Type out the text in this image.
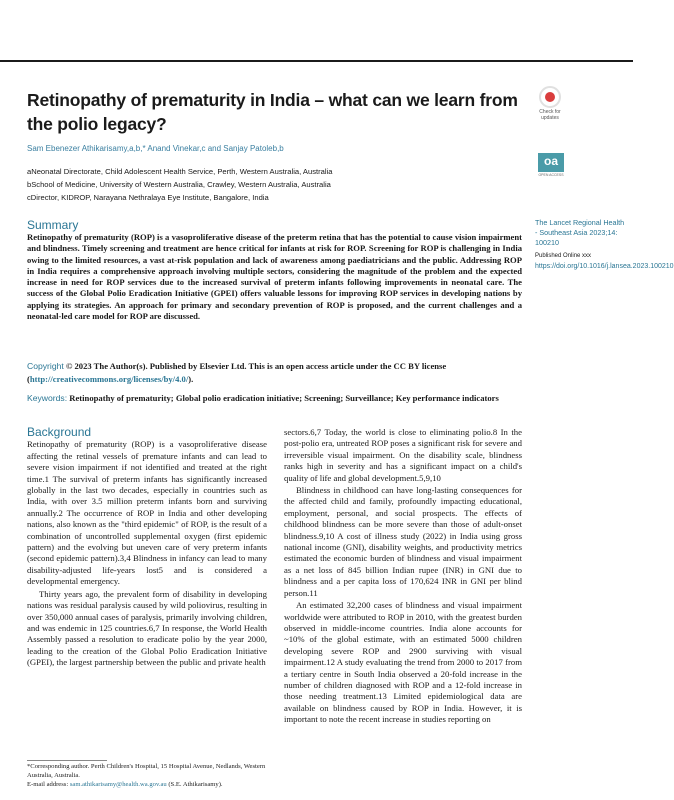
Retinopathy of prematurity in India – what can we learn from the polio legacy?
Check for updates
Sam Ebenezer Athikarisamy,a,b,* Anand Vinekar,c and Sanjay Patoleb,b
aNeonatal Directorate, Child Adolescent Health Service, Perth, Western Australia, Australia
bSchool of Medicine, University of Western Australia, Crawley, Western Australia, Australia
cDirector, KIDROP, Narayana Nethralaya Eye Institute, Bangalore, India
oa
OPEN ACCESS
Summary
Retinopathy of prematurity (ROP) is a vasoproliferative disease of the preterm retina that has the potential to cause vision impairment and blindness. Timely screening and treatment are hence critical for infants at risk for ROP. Screening for ROP is challenging in India owing to the limited resources, a vast at-risk population and lack of awareness among paediatricians and the public. Addressing ROP in India requires a comprehensive approach involving multiple sectors, considering the magnitude of the problem and the expected increase in need for ROP services due to the increased survival of preterm infants following improvements in neonatal care. The success of the Global Polio Eradication Initiative (GPEI) offers valuable lessons for improving ROP services in developing nations by applying its strategies. An approach for primary and secondary prevention of ROP is proposed, and the current challenges and a neonatal-led care model for ROP are discussed.
The Lancet Regional Health - Southeast Asia 2023;14: 100210
Published Online xxx
https://doi.org/10.1016/j.lansea.2023.100210
Copyright © 2023 The Author(s). Published by Elsevier Ltd. This is an open access article under the CC BY license (http://creativecommons.org/licenses/by/4.0/).
Keywords: Retinopathy of prematurity; Global polio eradication initiative; Screening; Surveillance; Key performance indicators
Background

Retinopathy of prematurity (ROP) is a vasoproliferative disease affecting the retinal vessels of premature infants and can lead to severe vision impairment if not identified and treated at the right time.1 The survival of preterm infants has significantly increased globally in the last two decades, especially in countries such as India, with over 3.5 million preterm infants born and surviving annually.2 The occurrence of ROP in India and other developing nations, also known as the "third epidemic" of ROP, is the result of a combination of uncontrolled supplemental oxygen (first epidemic pattern) and the evolving but uneven care of very preterm infants (second epidemic pattern).3,4 Blindness in infancy can lead to many disability-adjusted life-years lost5 and is considered a developmental emergency.

Thirty years ago, the prevalent form of disability in developing nations was residual paralysis caused by wild poliovirus, resulting in over 350,000 annual cases of paralysis, primarily involving children, and was endemic in 125 countries.6,7 In response, the World Health Assembly passed a resolution to eradicate polio by the year 2000, leading to the creation of the Global Polio Eradication Initiative (GPEI), the largest partnership between the public and private health

sectors.6,7 Today, the world is close to eliminating polio.8 In the post-polio era, untreated ROP poses a significant risk for severe and irreversible visual impairment. On the disability scale, blindness ranks high in severity and has a significant impact on a child's quality of life and global development.5,9,10

Blindness in childhood can have long-lasting consequences for the affected child and family, profoundly impacting educational, employment, personal, and social prospects. The effects of childhood blindness can be more severe than those of adult-onset blindness.9,10 A cost of illness study (2022) in India using gross national income (GNI), disability weights, and productivity metrics estimated the economic burden of blindness and visual impairment as a net loss of 845 billion Indian rupee (INR) in GNI due to blindness and a per capita loss of 170,624 INR in GNI per blind person.11

An estimated 32,200 cases of blindness and visual impairment worldwide were attributed to ROP in 2010, with the greatest burden observed in middle-income countries. India alone accounts for ~10% of the global estimate, with an estimated 5000 children developing severe ROP and 2900 surviving with visual impairment.12 A study evaluating the trend from 2000 to 2017 from a tertiary centre in South India observed a 20-fold increase in the number of children diagnosed with ROP and a 12-fold increase in those needing treatment.13 Limited epidemiological data are available on blindness caused by ROP in India. However, it is important to note the recent increase in studies reporting on

*Corresponding author. Perth Children's Hospital, 15 Hospital Avenue, Nedlands, Western Australia, Australia.
E-mail address: sam.athikarisamy@health.wa.gov.au (S.E. Athikarisamy).
